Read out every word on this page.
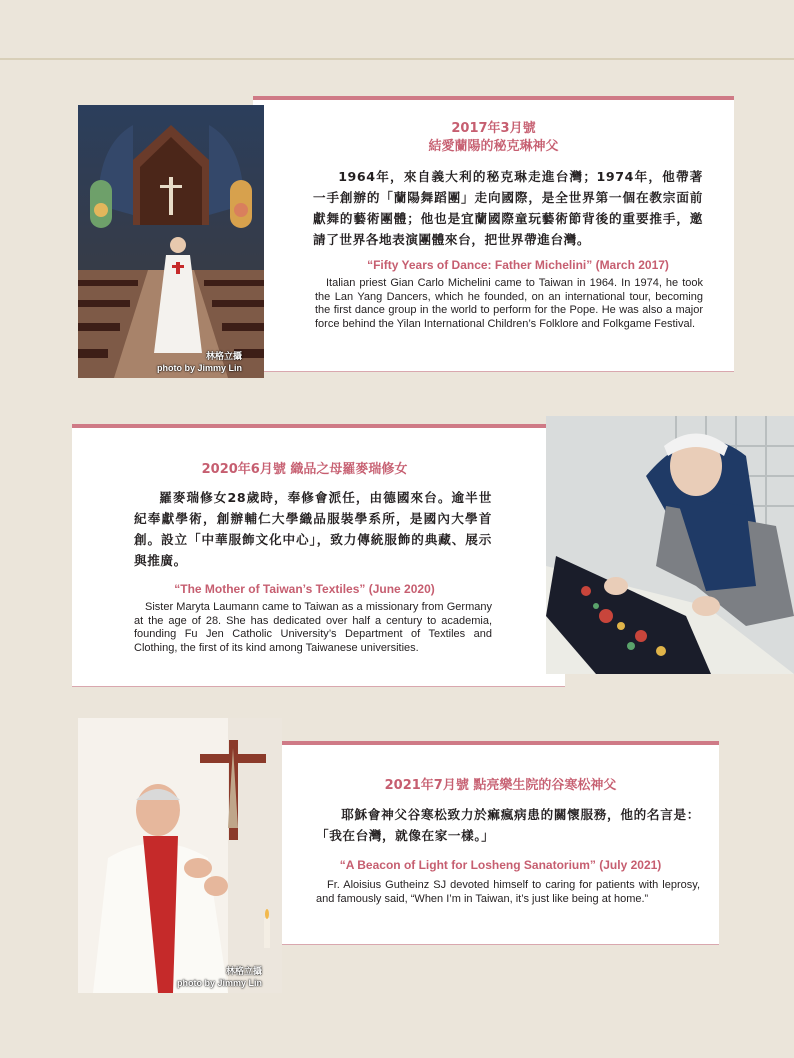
2017年3月號
結愛蘭陽的秘克琳神父

1964年，來自義大利的秘克琳走進台灣；1974年，他帶著一手創辦的「蘭陽舞蹈團」走向國際，是全世界第一個在教宗面前獻舞的藝術團體；他也是宜蘭國際童玩藝術節背後的重要推手，邀請了世界各地表演團體來台，把世界帶進台灣。

“Fifty Years of Dance: Father Michelini” (March 2017)

Italian priest Gian Carlo Michelini came to Taiwan in 1964. In 1974, he took the Lan Yang Dancers, which he founded, on an international tour, becoming the first dance group in the world to perform for the Pope. He was also a major force behind the Yilan International Children’s Folklore and Folkgame Festival.

林格立攝
photo by Jimmy Lin
2020年6月號 織品之母羅麥瑞修女

羅麥瑞修女28歲時，奉修會派任，由德國來台。逾半世紀奉獻學術，創辦輔仁大學織品服裝學系所，是國內大學首創。設立「中華服飾文化中心」，致力傳統服飾的典藏、展示與推廣。

“The Mother of Taiwan’s Textiles” (June 2020)

Sister Maryta Laumann came to Taiwan as a missionary from Germany at the age of 28. She has dedicated over half a century to academia, founding Fu Jen Catholic University’s Department of Textiles and Clothing, the first of its kind among Taiwanese universities.

2021年7月號 點亮樂生院的谷寒松神父

耶穌會神父谷寒松致力於痲瘋病患的關懷服務，他的名言是：「我在台灣，就像在家一樣。」

“A Beacon of Light for Losheng Sanatorium” (July 2021)

Fr. Aloisius Gutheinz SJ devoted himself to caring for patients with leprosy, and famously said, “When I’m in Taiwan, it’s just like being at home.”

林格立攝
photo by Jimmy Lin
